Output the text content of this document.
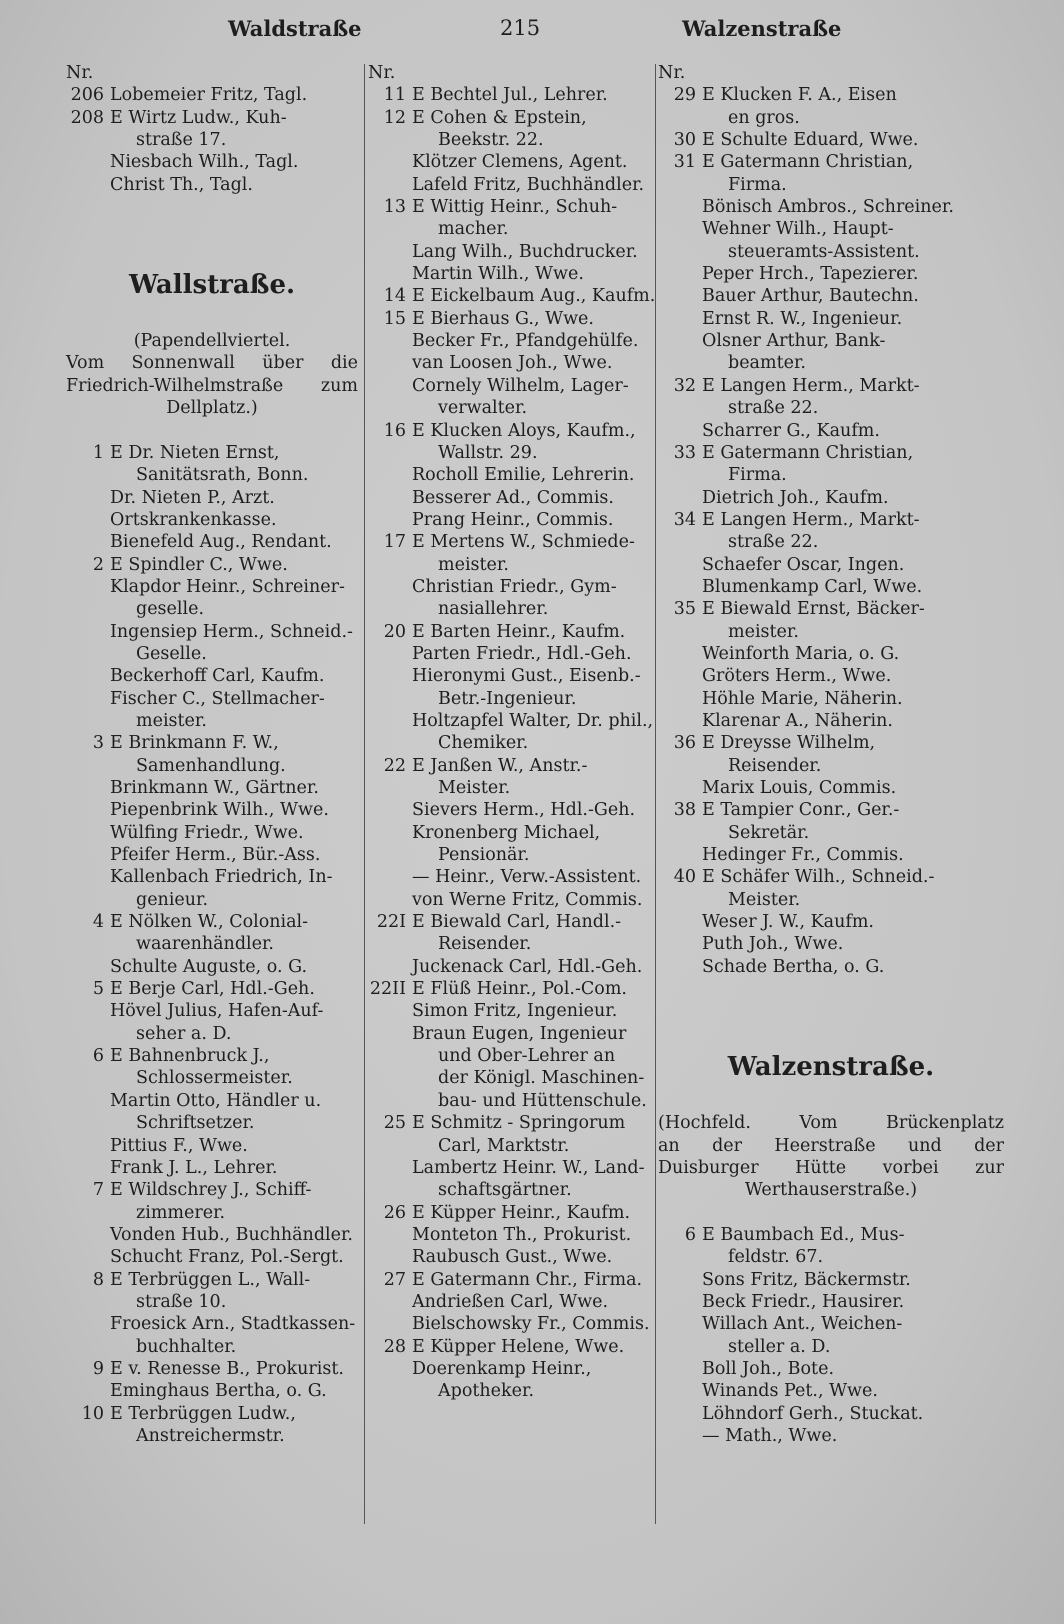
Waldstraße	215	Walzenstraße
Nr.
206 Lobemeier Fritz, Tagl.
208 E Wirtz Ludw., Kuh-
straße 17.
Niesbach Wilh., Tagl.
Christ Th., Tagl.
Wallstraße.
(Papendellviertel.
Vom Sonnenwall über die
Friedrich-Wilhelmstraße zum
Dellplatz.)
1 E Dr. Nieten Ernst,
Sanitätsrath, Bonn.
Dr. Nieten P., Arzt.
Ortskrankenkasse.
Bienefeld Aug., Rendant.
2 E Spindler C., Wwe.
Klapdor Heinr., Schreiner-
geselle.
Ingensiep Herm., Schneid.-
Geselle.
Beckerhoff Carl, Kaufm.
Fischer C., Stellmacher-
meister.
3 E Brinkmann F. W.,
Samenhandlung.
Brinkmann W., Gärtner.
Piepenbrink Wilh., Wwe.
Wülfing Friedr., Wwe.
Pfeifer Herm., Bür.-Ass.
Kallenbach Friedrich, In-
genieur.
4 E Nölken W., Colonial-
waarenhändler.
Schulte Auguste, o. G.
5 E Berje Carl, Hdl.-Geh.
Hövel Julius, Hafen-Auf-
seher a. D.
6 E Bahnenbruck J.,
Schlossermeister.
Martin Otto, Händler u.
Schriftsetzer.
Pittius F., Wwe.
Frank J. L., Lehrer.
7 E Wildschrey J., Schiff-
zimmerer.
Vonden Hub., Buchhändler.
Schucht Franz, Pol.-Sergt.
8 E Terbrüggen L., Wall-
straße 10.
Froesick Arn., Stadtkassen-
buchhalter.
9 E v. Renesse B., Prokurist.
Eminghaus Bertha, o. G.
10 E Terbrüggen Ludw.,
Anstreichermstr.
Nr.
11 E Bechtel Jul., Lehrer.
12 E Cohen & Epstein,
Beekstr. 22.
Klötzer Clemens, Agent.
Lafeld Fritz, Buchhändler.
13 E Wittig Heinr., Schuh-
macher.
Lang Wilh., Buchdrucker.
Martin Wilh., Wwe.
14 E Eickelbaum Aug., Kaufm.
15 E Bierhaus G., Wwe.
Becker Fr., Pfandgehülfe.
van Loosen Joh., Wwe.
Cornely Wilhelm, Lager-
verwalter.
16 E Klucken Aloys, Kaufm.,
Wallstr. 29.
Rocholl Emilie, Lehrerin.
Besserer Ad., Commis.
Prang Heinr., Commis.
17 E Mertens W., Schmiede-
meister.
Christian Friedr., Gym-
nasiallehrer.
20 E Barten Heinr., Kaufm.
Parten Friedr., Hdl.-Geh.
Hieronymi Gust., Eisenb.-
Betr.-Ingenieur.
Holtzapfel Walter, Dr. phil.,
Chemiker.
22 E Janßen W., Anstr.-
Meister.
Sievers Herm., Hdl.-Geh.
Kronenberg Michael,
Pensionär.
— Heinr., Verw.-Assistent.
von Werne Fritz, Commis.
22I E Biewald Carl, Handl.-
Reisender.
Juckenack Carl, Hdl.-Geh.
22II E Flüß Heinr., Pol.-Com.
Simon Fritz, Ingenieur.
Braun Eugen, Ingenieur
und Ober-Lehrer an
der Königl. Maschinen-
bau- und Hüttenschule.
25 E Schmitz - Springorum
Carl, Marktstr.
Lambertz Heinr. W., Land-
schaftsgärtner.
26 E Küpper Heinr., Kaufm.
Monteton Th., Prokurist.
Raubusch Gust., Wwe.
27 E Gatermann Chr., Firma.
Andrießen Carl, Wwe.
Bielschowsky Fr., Commis.
28 E Küpper Helene, Wwe.
Doerenkamp Heinr.,
Apotheker.
Nr.
29 E Klucken F. A., Eisen
en gros.
30 E Schulte Eduard, Wwe.
31 E Gatermann Christian,
Firma.
Bönisch Ambros., Schreiner.
Wehner Wilh., Haupt-
steueramts-Assistent.
Peper Hrch., Tapezierer.
Bauer Arthur, Bautechn.
Ernst R. W., Ingenieur.
Olsner Arthur, Bank-
beamter.
32 E Langen Herm., Markt-
straße 22.
Scharrer G., Kaufm.
33 E Gatermann Christian,
Firma.
Dietrich Joh., Kaufm.
34 E Langen Herm., Markt-
straße 22.
Schaefer Oscar, Ingen.
Blumenkamp Carl, Wwe.
35 E Biewald Ernst, Bäcker-
meister.
Weinforth Maria, o. G.
Gröters Herm., Wwe.
Höhle Marie, Näherin.
Klarenar A., Näherin.
36 E Dreysse Wilhelm,
Reisender.
Marix Louis, Commis.
38 E Tampier Conr., Ger.-
Sekretär.
Hedinger Fr., Commis.
40 E Schäfer Wilh., Schneid.-
Meister.
Weser J. W., Kaufm.
Puth Joh., Wwe.
Schade Bertha, o. G.
Walzenstraße.
(Hochfeld. Vom Brückenplatz
an der Heerstraße und der
Duisburger Hütte vorbei zur
Werthauserstraße.)
6 E Baumbach Ed., Mus-
feldstr. 67.
Sons Fritz, Bäckermstr.
Beck Friedr., Hausirer.
Willach Ant., Weichen-
steller a. D.
Boll Joh., Bote.
Winands Pet., Wwe.
Löhndorf Gerh., Stuckat.
— Math., Wwe.
